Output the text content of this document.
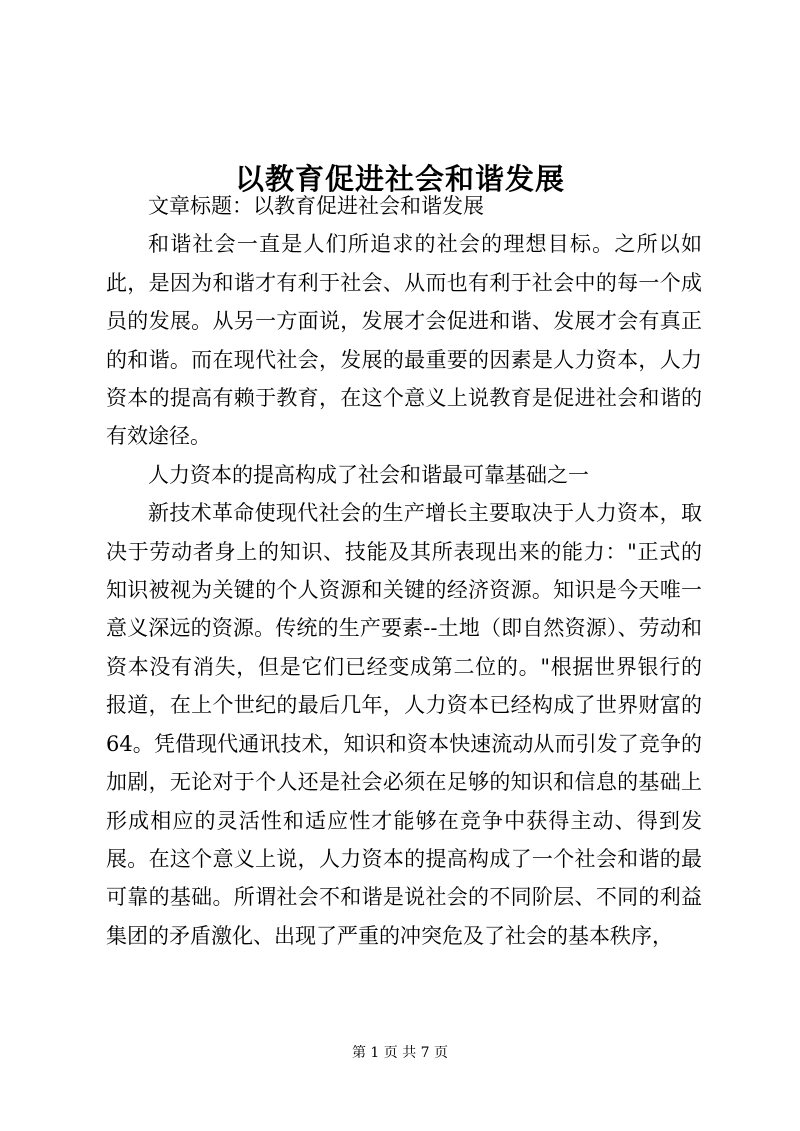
以教育促进社会和谐发展

文章标题：以教育促进社会和谐发展

和谐社会一直是人们所追求的社会的理想目标。之所以如此，是因为和谐才有利于社会、从而也有利于社会中的每一个成员的发展。从另一方面说，发展才会促进和谐、发展才会有真正的和谐。而在现代社会，发展的最重要的因素是人力资本，人力资本的提高有赖于教育，在这个意义上说教育是促进社会和谐的有效途径。

人力资本的提高构成了社会和谐最可靠基础之一

新技术革命使现代社会的生产增长主要取决于人力资本，取决于劳动者身上的知识、技能及其所表现出来的能力："正式的知识被视为关键的个人资源和关键的经济资源。知识是今天唯一意义深远的资源。传统的生产要素--土地（即自然资源）、劳动和资本没有消失，但是它们已经变成第二位的。"根据世界银行的报道，在上个世纪的最后几年，人力资本已经构成了世界财富的64。凭借现代通讯技术，知识和资本快速流动从而引发了竞争的加剧，无论对于个人还是社会必须在足够的知识和信息的基础上形成相应的灵活性和适应性才能够在竞争中获得主动、得到发展。在这个意义上说，人力资本的提高构成了一个社会和谐的最可靠的基础。所谓社会不和谐是说社会的不同阶层、不同的利益集团的矛盾激化、出现了严重的冲突危及了社会的基本秩序，

第 1 页 共 7 页
